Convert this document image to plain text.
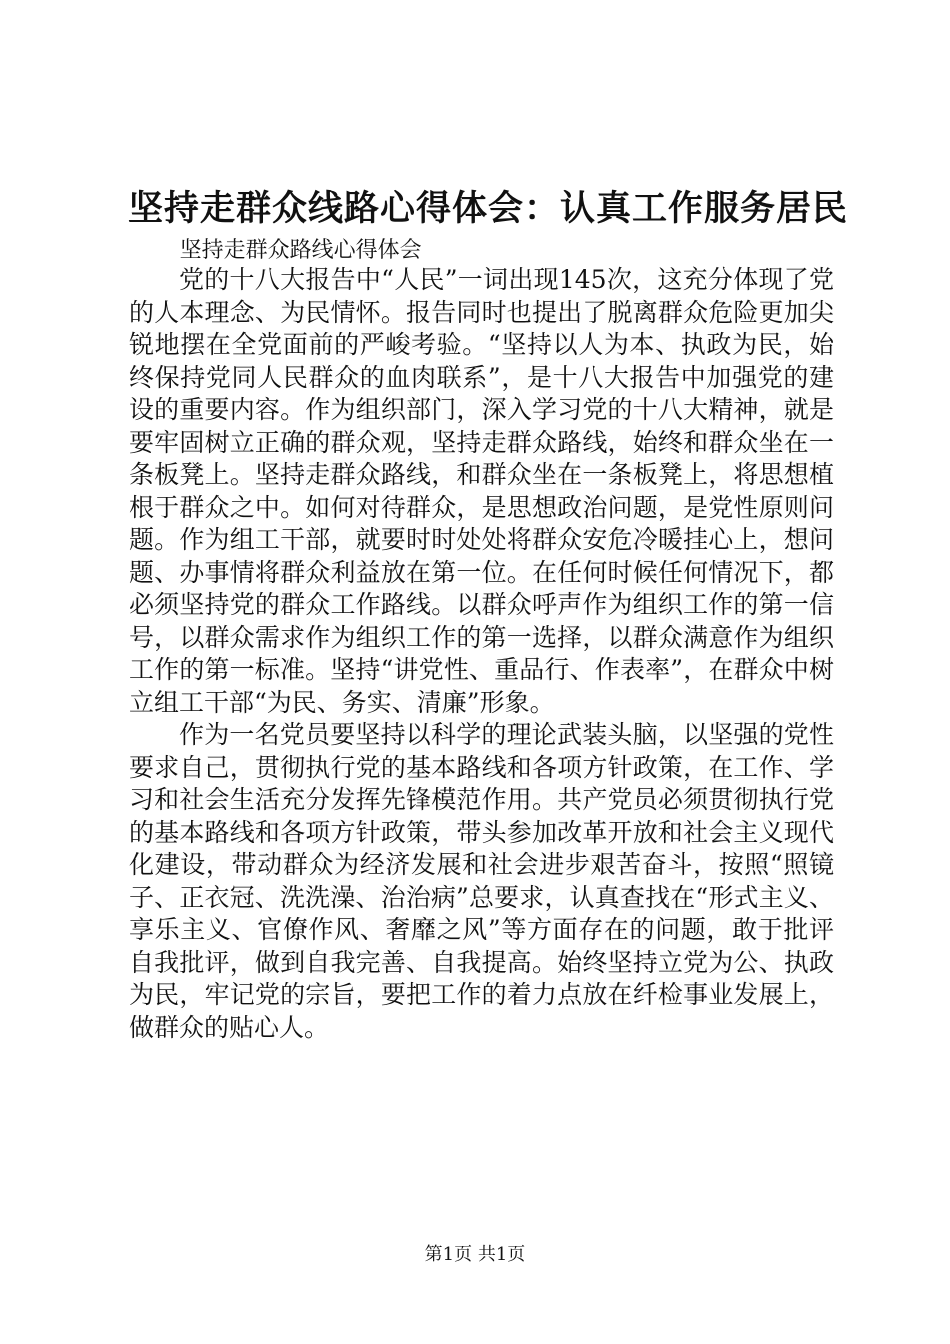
坚持走群众线路心得体会：认真工作服务居民

坚持走群众路线心得体会

党的十八大报告中“人民”一词出现145次，这充分体现了党的人本理念、为民情怀。报告同时也提出了脱离群众危险更加尖锐地摆在全党面前的严峻考验。“坚持以人为本、执政为民，始终保持党同人民群众的血肉联系”，是十八大报告中加强党的建设的重要内容。作为组织部门，深入学习党的十八大精神，就是要牢固树立正确的群众观，坚持走群众路线，始终和群众坐在一条板凳上。坚持走群众路线，和群众坐在一条板凳上，将思想植根于群众之中。如何对待群众，是思想政治问题，是党性原则问题。作为组工干部，就要时时处处将群众安危冷暖挂心上，想问题、办事情将群众利益放在第一位。在任何时候任何情况下，都必须坚持党的群众工作路线。以群众呼声作为组织工作的第一信号，以群众需求作为组织工作的第一选择，以群众满意作为组织工作的第一标准。坚持“讲党性、重品行、作表率”，在群众中树立组工干部“为民、务实、清廉”形象。

作为一名党员要坚持以科学的理论武装头脑，以坚强的党性要求自己，贯彻执行党的基本路线和各项方针政策，在工作、学习和社会生活充分发挥先锋模范作用。共产党员必须贯彻执行党的基本路线和各项方针政策，带头参加改革开放和社会主义现代化建设，带动群众为经济发展和社会进步艰苦奋斗，按照“照镜子、正衣冠、洗洗澡、治治病”总要求，认真查找在“形式主义、享乐主义、官僚作风、奢靡之风”等方面存在的问题，敢于批评自我批评，做到自我完善、自我提高。始终坚持立党为公、执政为民，牢记党的宗旨，要把工作的着力点放在纤检事业发展上，做群众的贴心人。

第1页 共1页
